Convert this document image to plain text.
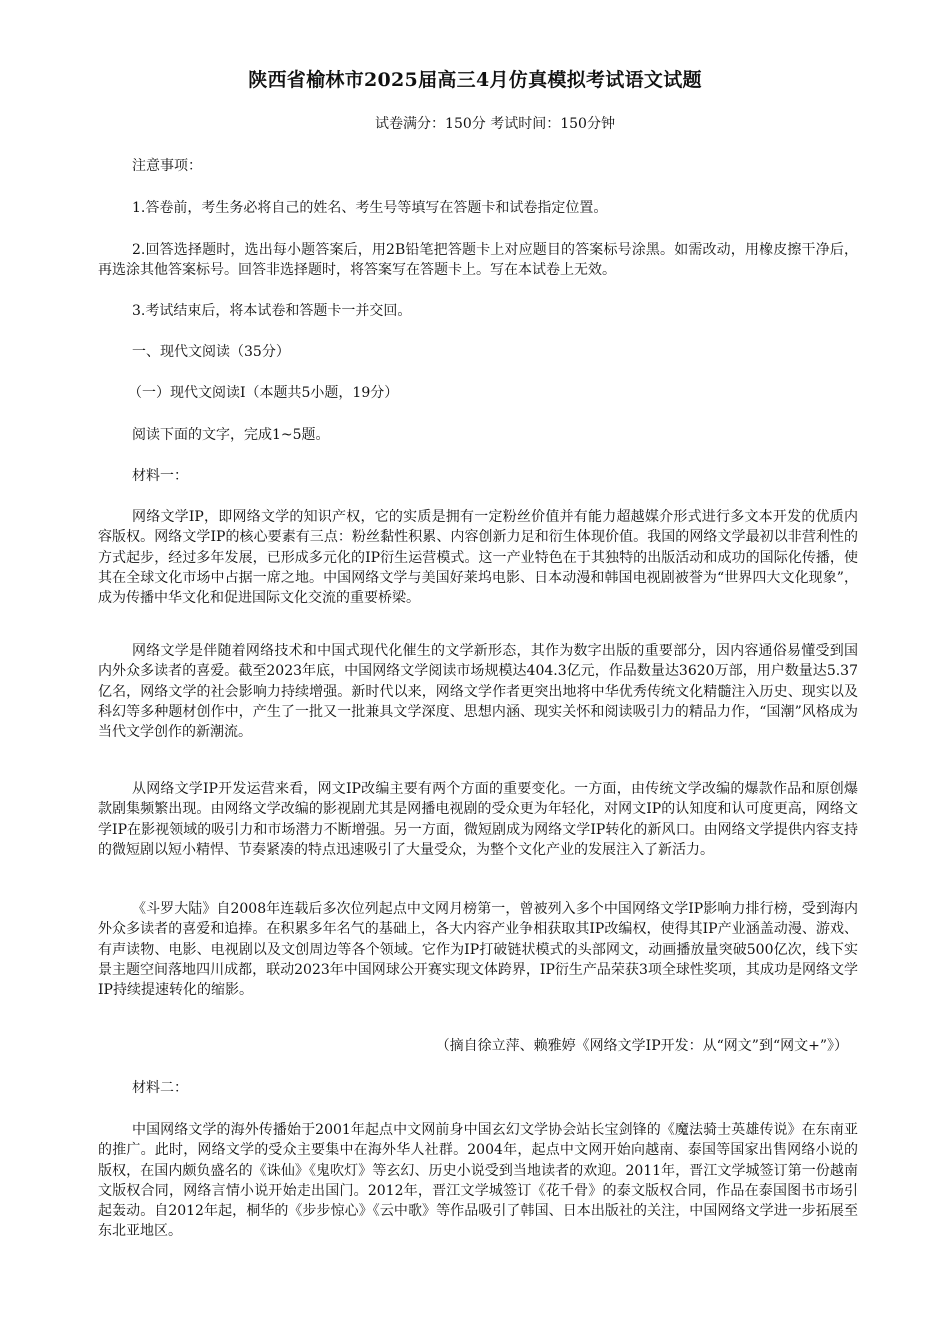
陕西省榆林市2025届高三4月仿真模拟考试语文试题
试卷满分：150分 考试时间：150分钟
注意事项：
1.答卷前，考生务必将自己的姓名、考生号等填写在答题卡和试卷指定位置。
2.回答选择题时，选出每小题答案后，用2B铅笔把答题卡上对应题目的答案标号涂黑。如需改动，用橡皮擦干净后，再选涂其他答案标号。回答非选择题时，将答案写在答题卡上。写在本试卷上无效。
3.考试结束后，将本试卷和答题卡一并交回。
一、现代文阅读（35分）
（一）现代文阅读Ⅰ（本题共5小题，19分）
阅读下面的文字，完成1~5题。
材料一：
网络文学IP，即网络文学的知识产权，它的实质是拥有一定粉丝价值并有能力超越媒介形式进行多文本开发的优质内容版权。网络文学IP的核心要素有三点：粉丝黏性积累、内容创新力足和衍生体现价值。我国的网络文学最初以非营利性的方式起步，经过多年发展，已形成多元化的IP衍生运营模式。这一产业特色在于其独特的出版活动和成功的国际化传播，使其在全球文化市场中占据一席之地。中国网络文学与美国好莱坞电影、日本动漫和韩国电视剧被誉为“世界四大文化现象”，成为传播中华文化和促进国际文化交流的重要桥梁。
网络文学是伴随着网络技术和中国式现代化催生的文学新形态，其作为数字出版的重要部分，因内容通俗易懂受到国内外众多读者的喜爱。截至2023年底，中国网络文学阅读市场规模达404.3亿元，作品数量达3620万部，用户数量达5.37亿名，网络文学的社会影响力持续增强。新时代以来，网络文学作者更突出地将中华优秀传统文化精髓注入历史、现实以及科幻等多种题材创作中，产生了一批又一批兼具文学深度、思想内涵、现实关怀和阅读吸引力的精品力作，“国潮”风格成为当代文学创作的新潮流。
从网络文学IP开发运营来看，网文IP改编主要有两个方面的重要变化。一方面，由传统文学改编的爆款作品和原创爆款剧集频繁出现。由网络文学改编的影视剧尤其是网播电视剧的受众更为年轻化，对网文IP的认知度和认可度更高，网络文学IP在影视领域的吸引力和市场潜力不断增强。另一方面，微短剧成为网络文学IP转化的新风口。由网络文学提供内容支持的微短剧以短小精悍、节奏紧凑的特点迅速吸引了大量受众，为整个文化产业的发展注入了新活力。
《斗罗大陆》自2008年连载后多次位列起点中文网月榜第一，曾被列入多个中国网络文学IP影响力排行榜，受到海内外众多读者的喜爱和追捧。在积累多年名气的基础上，各大内容产业争相获取其IP改编权，使得其IP产业涵盖动漫、游戏、有声读物、电影、电视剧以及文创周边等各个领域。它作为IP打破链状模式的头部网文，动画播放量突破500亿次，线下实景主题空间落地四川成都，联动2023年中国网球公开赛实现文体跨界，IP衍生产品荣获3项全球性奖项，其成功是网络文学IP持续提速转化的缩影。
（摘自徐立萍、赖雅婷《网络文学IP开发：从“网文”到“网文+”》）
材料二：
中国网络文学的海外传播始于2001年起点中文网前身中国玄幻文学协会站长宝剑锋的《魔法骑士英雄传说》在东南亚的推广。此时，网络文学的受众主要集中在海外华人社群。2004年，起点中文网开始向越南、泰国等国家出售网络小说的版权，在国内颇负盛名的《诛仙》《鬼吹灯》等玄幻、历史小说受到当地读者的欢迎。2011年，晋江文学城签订第一份越南文版权合同，网络言情小说开始走出国门。2012年，晋江文学城签订《花千骨》的泰文版权合同，作品在泰国图书市场引起轰动。自2012年起，桐华的《步步惊心》《云中歌》等作品吸引了韩国、日本出版社的关注，中国网络文学进一步拓展至东北亚地区。
